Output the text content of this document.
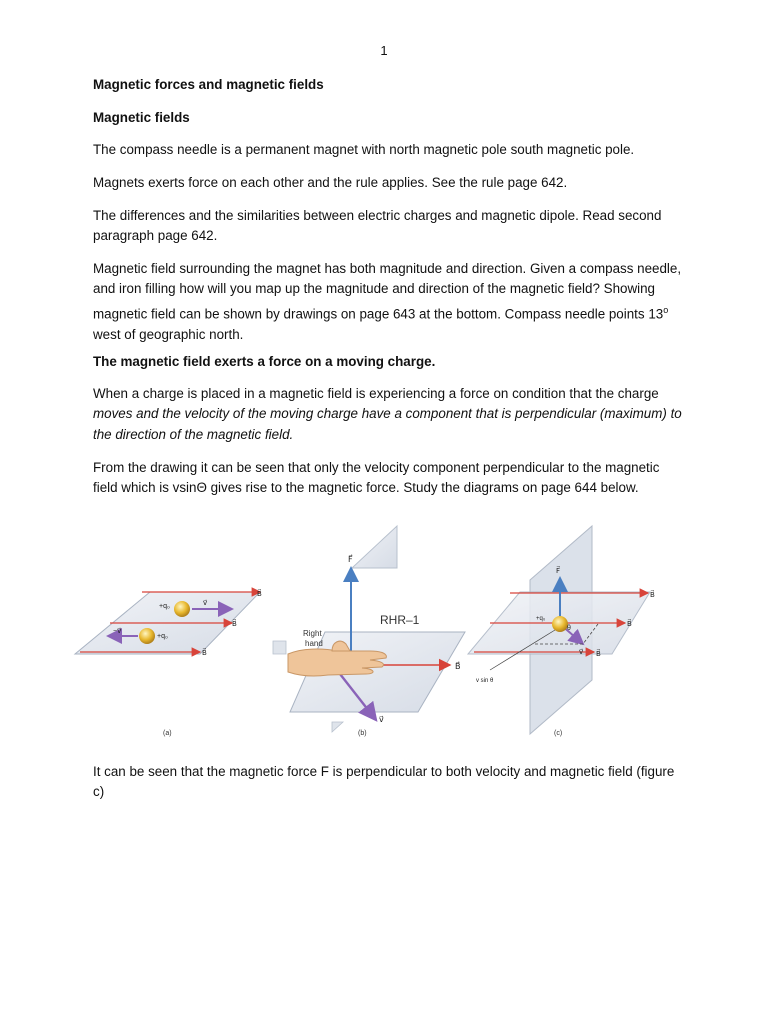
1
Magnetic forces and magnetic fields
Magnetic fields
The compass needle is a permanent magnet with north magnetic pole south magnetic pole.
Magnets exerts force on each other and the rule applies. See the rule page 642.
The differences and the similarities between electric charges and magnetic dipole. Read second paragraph page 642.
Magnetic field surrounding the magnet has both magnitude and direction. Given a compass needle, and iron filling how will you map up the magnitude and direction of the magnetic field? Showing magnetic field can be shown by drawings on page 643 at the bottom. Compass needle points 13$^o$ west of geographic north.
The magnetic field exerts a force on a moving charge.
When a charge is placed in a magnetic field is experiencing a force on condition that the charge moves and the velocity of the moving charge have a component that is perpendicular (maximum) to the direction of the magnetic field.
From the drawing it can be seen that only the velocity component perpendicular to the magnetic field which is vsinΘ gives rise to the magnetic force. Study the diagrams on page 644 below.
+q₀	v⃗
+q₀
−v⃗
B⃗
B⃗
B⃗
(a)
RHR–1
Right
hand
F⃗
B⃗
v⃗
(b)
F⃗
+q₀
θ
v⃗
v sin θ
B⃗
B⃗
B⃗
(c)
It can be seen that the magnetic force F is perpendicular to both velocity and magnetic field (figure c)
